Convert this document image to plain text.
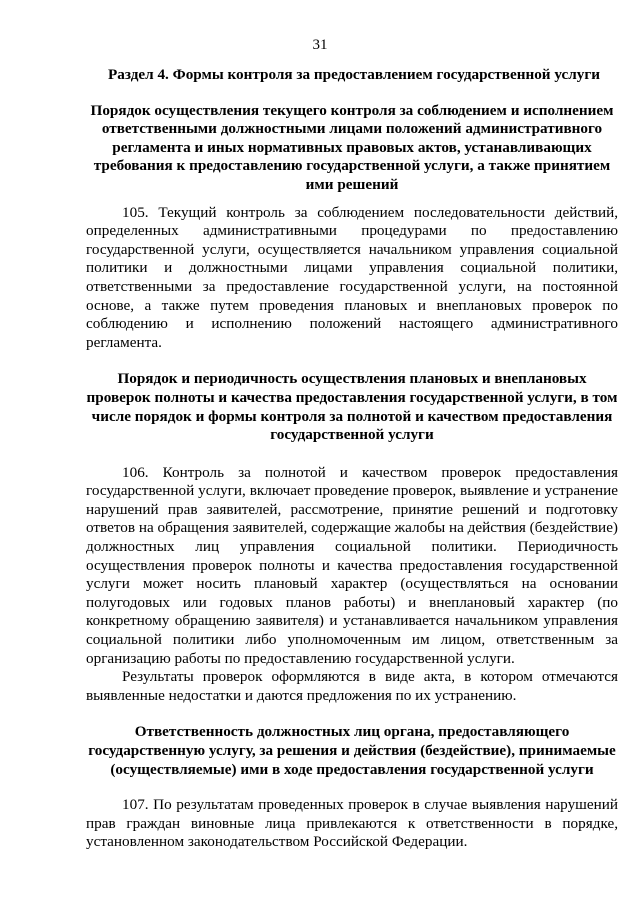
31

Раздел 4. Формы контроля за предоставлением государственной услуги

Порядок осуществления текущего контроля за соблюдением и исполнением ответственными должностными лицами положений административного регламента и иных нормативных правовых актов, устанавливающих требования к предоставлению государственной услуги, а также принятием ими решений

105. Текущий контроль за соблюдением последовательности действий, определенных административными процедурами по предоставлению государственной услуги, осуществляется начальником управления социальной политики и должностными лицами управления социальной политики, ответственными за предоставление государственной услуги, на постоянной основе, а также путем проведения плановых и внеплановых проверок по соблюдению и исполнению положений настоящего административного регламента.

Порядок и периодичность осуществления плановых и внеплановых проверок полноты и качества предоставления государственной услуги, в том числе порядок и формы контроля за полнотой и качеством предоставления государственной услуги

106. Контроль за полнотой и качеством проверок предоставления государственной услуги, включает проведение проверок, выявление и устранение нарушений прав заявителей, рассмотрение, принятие решений и подготовку ответов на обращения заявителей, содержащие жалобы на действия (бездействие) должностных лиц управления социальной политики. Периодичность осуществления проверок полноты и качества предоставления государственной услуги может носить плановый характер (осуществляться на основании полугодовых или годовых планов работы) и внеплановый характер (по конкретному обращению заявителя) и устанавливается начальником управления социальной политики либо уполномоченным им лицом, ответственным за организацию работы по предоставлению государственной услуги.

Результаты проверок оформляются в виде акта, в котором отмечаются выявленные недостатки и даются предложения по их устранению.

Ответственность должностных лиц органа, предоставляющего государственную услугу, за решения и действия (бездействие), принимаемые (осуществляемые) ими в ходе предоставления государственной услуги

107. По результатам проведенных проверок в случае выявления нарушений прав граждан виновные лица привлекаются к ответственности в порядке, установленном законодательством Российской Федерации.
